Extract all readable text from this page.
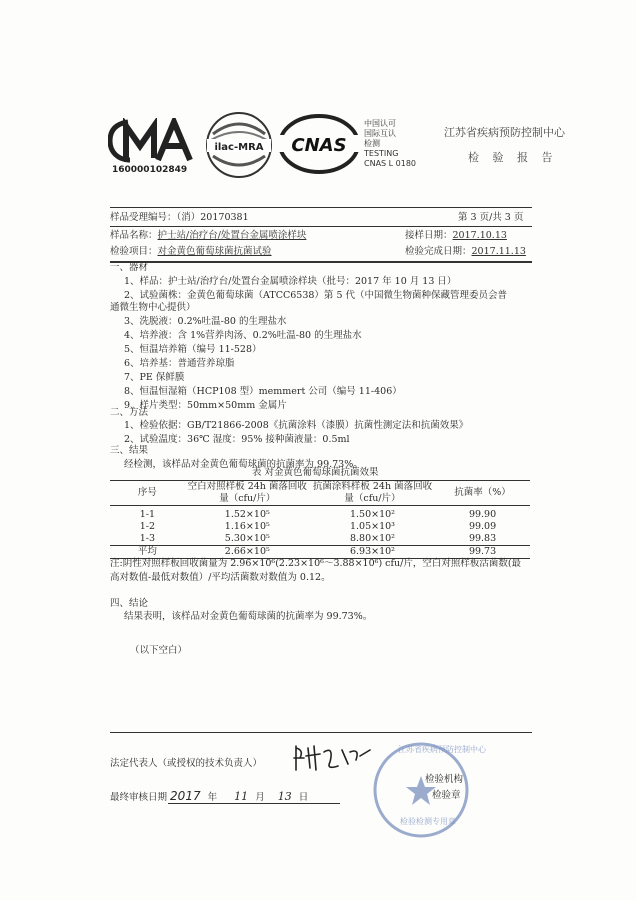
160000102849
ilac-MRA CNAS
中国认可
国际互认
检测
TESTING
CNAS L 0180
江苏省疾病预防控制中心
检 验 报 告
样品受理编号：（消）20170381	第 3 页/共 3 页
样品名称：护士站/治疗台/处置台金属喷涂样块	接样日期：2017.10.13
检验项目：对金黄色葡萄球菌抗菌试验	检验完成日期：2017.11.13
一、器材
1、样品：护士站/治疗台/处置台金属喷涂样块（批号：2017 年 10 月 13 日）
2、试验菌株：金黄色葡萄球菌（ATCC6538）第 5 代（中国微生物菌种保藏管理委员会普
通微生物中心提供）
3、洗脱液：0.2%吐温-80 的生理盐水
4、培养液：含 1%营养肉汤、0.2%吐温-80 的生理盐水
5、恒温培养箱（编号 11-528）
6、培养基：普通营养琼脂
7、PE 保鲜膜
8、恒温恒湿箱（HCP108 型）memmert 公司（编号 11-406）
9、样片类型：50mm×50mm 金属片
二、方法
1、检验依据：GB/T21866-2008《抗菌涂料（漆膜）抗菌性测定法和抗菌效果》
2、试验温度：36℃ 湿度：95% 接种菌液量：0.5ml
三、结果
经检测，该样品对金黄色葡萄球菌的抗菌率为 99.73%。
表 对金黄色葡萄球菌抗菌效果
序号	空白对照样板 24h 菌落回收量（cfu/片）	抗菌涂料样板 24h 菌落回收量（cfu/片）	抗菌率（%）
1-1	1.52×10⁵	1.50×10²	99.90
1-2	1.16×10⁵	1.05×10³	99.09
1-3	5.30×10⁵	8.80×10²	99.83
平均	2.66×10⁵	6.93×10²	99.73
注:阴性对照样板回收菌量为 2.96×10⁶(2.23×10⁶～3.88×10⁶) cfu/片，空白对照样板活菌数(最
高对数值-最低对数值）/平均活菌数对数值为 0.12。
四、结论
结果表明，该样品对金黄色葡萄球菌的抗菌率为 99.73%。
（以下空白）
法定代表人（或授权的技术负责人）
江苏省疾病预防控制中心
检验检测专用章
检验机构
检验章
最终审核日期 2017 年 11 月 13 日
